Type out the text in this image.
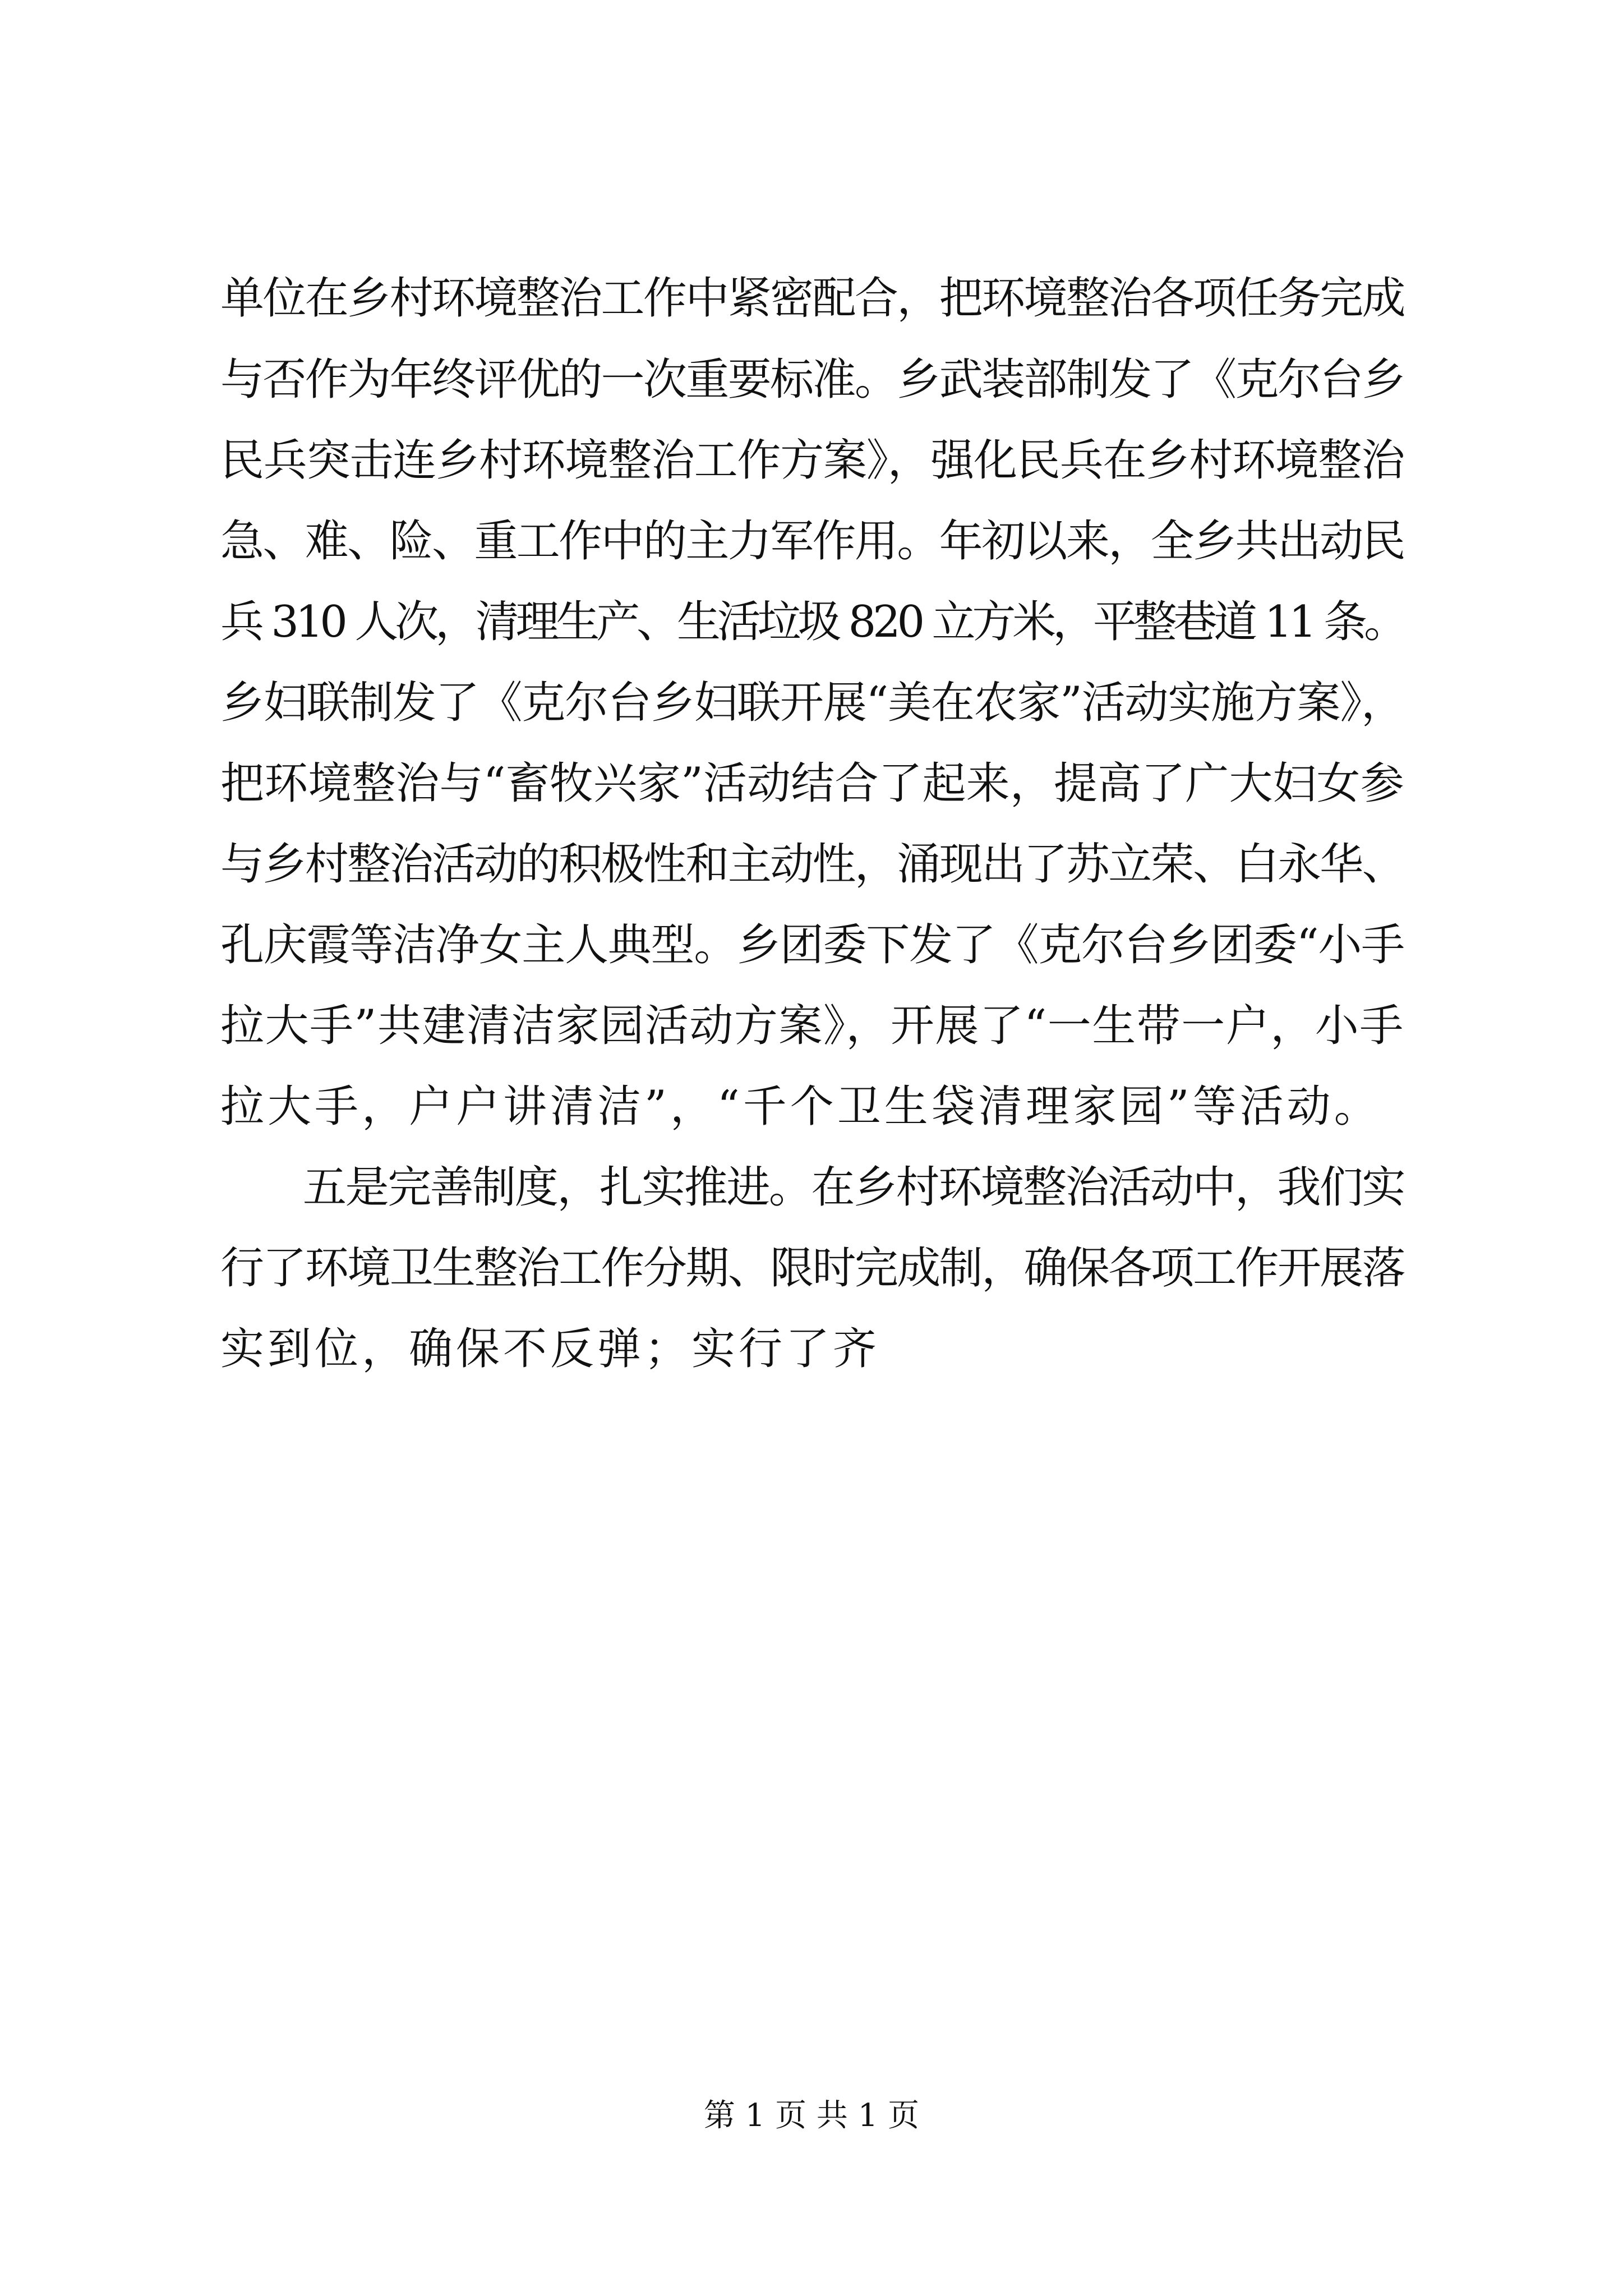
单位在乡村环境整治工作中紧密配合，把环境整治各项任务完成
与否作为年终评优的一次重要标准。乡武装部制发了《克尔台乡
民兵突击连乡村环境整治工作方案》，强化民兵在乡村环境整治
急、难、险、重工作中的主力军作用。年初以来，全乡共出动民
兵 310 人次，清理生产、生活垃圾 820 立方米，平整巷道 11 条。
乡妇联制发了《克尔台乡妇联开展“美在农家”活动实施方案》，
把环境整治与“畜牧兴家”活动结合了起来，提高了广大妇女参
与乡村整治活动的积极性和主动性，涌现出了苏立荣、白永华、
孔庆霞等洁净女主人典型。乡团委下发了《克尔台乡团委“小手
拉大手”共建清洁家园活动方案》，开展了“一生带一户，小手
拉大手，户户讲清洁”，“千个卫生袋清理家园”等活动。
五是完善制度，扎实推进。在乡村环境整治活动中，我们实
行了环境卫生整治工作分期、限时完成制，确保各项工作开展落
实到位，确保不反弹；实行了齐
第 1 页 共 1 页
